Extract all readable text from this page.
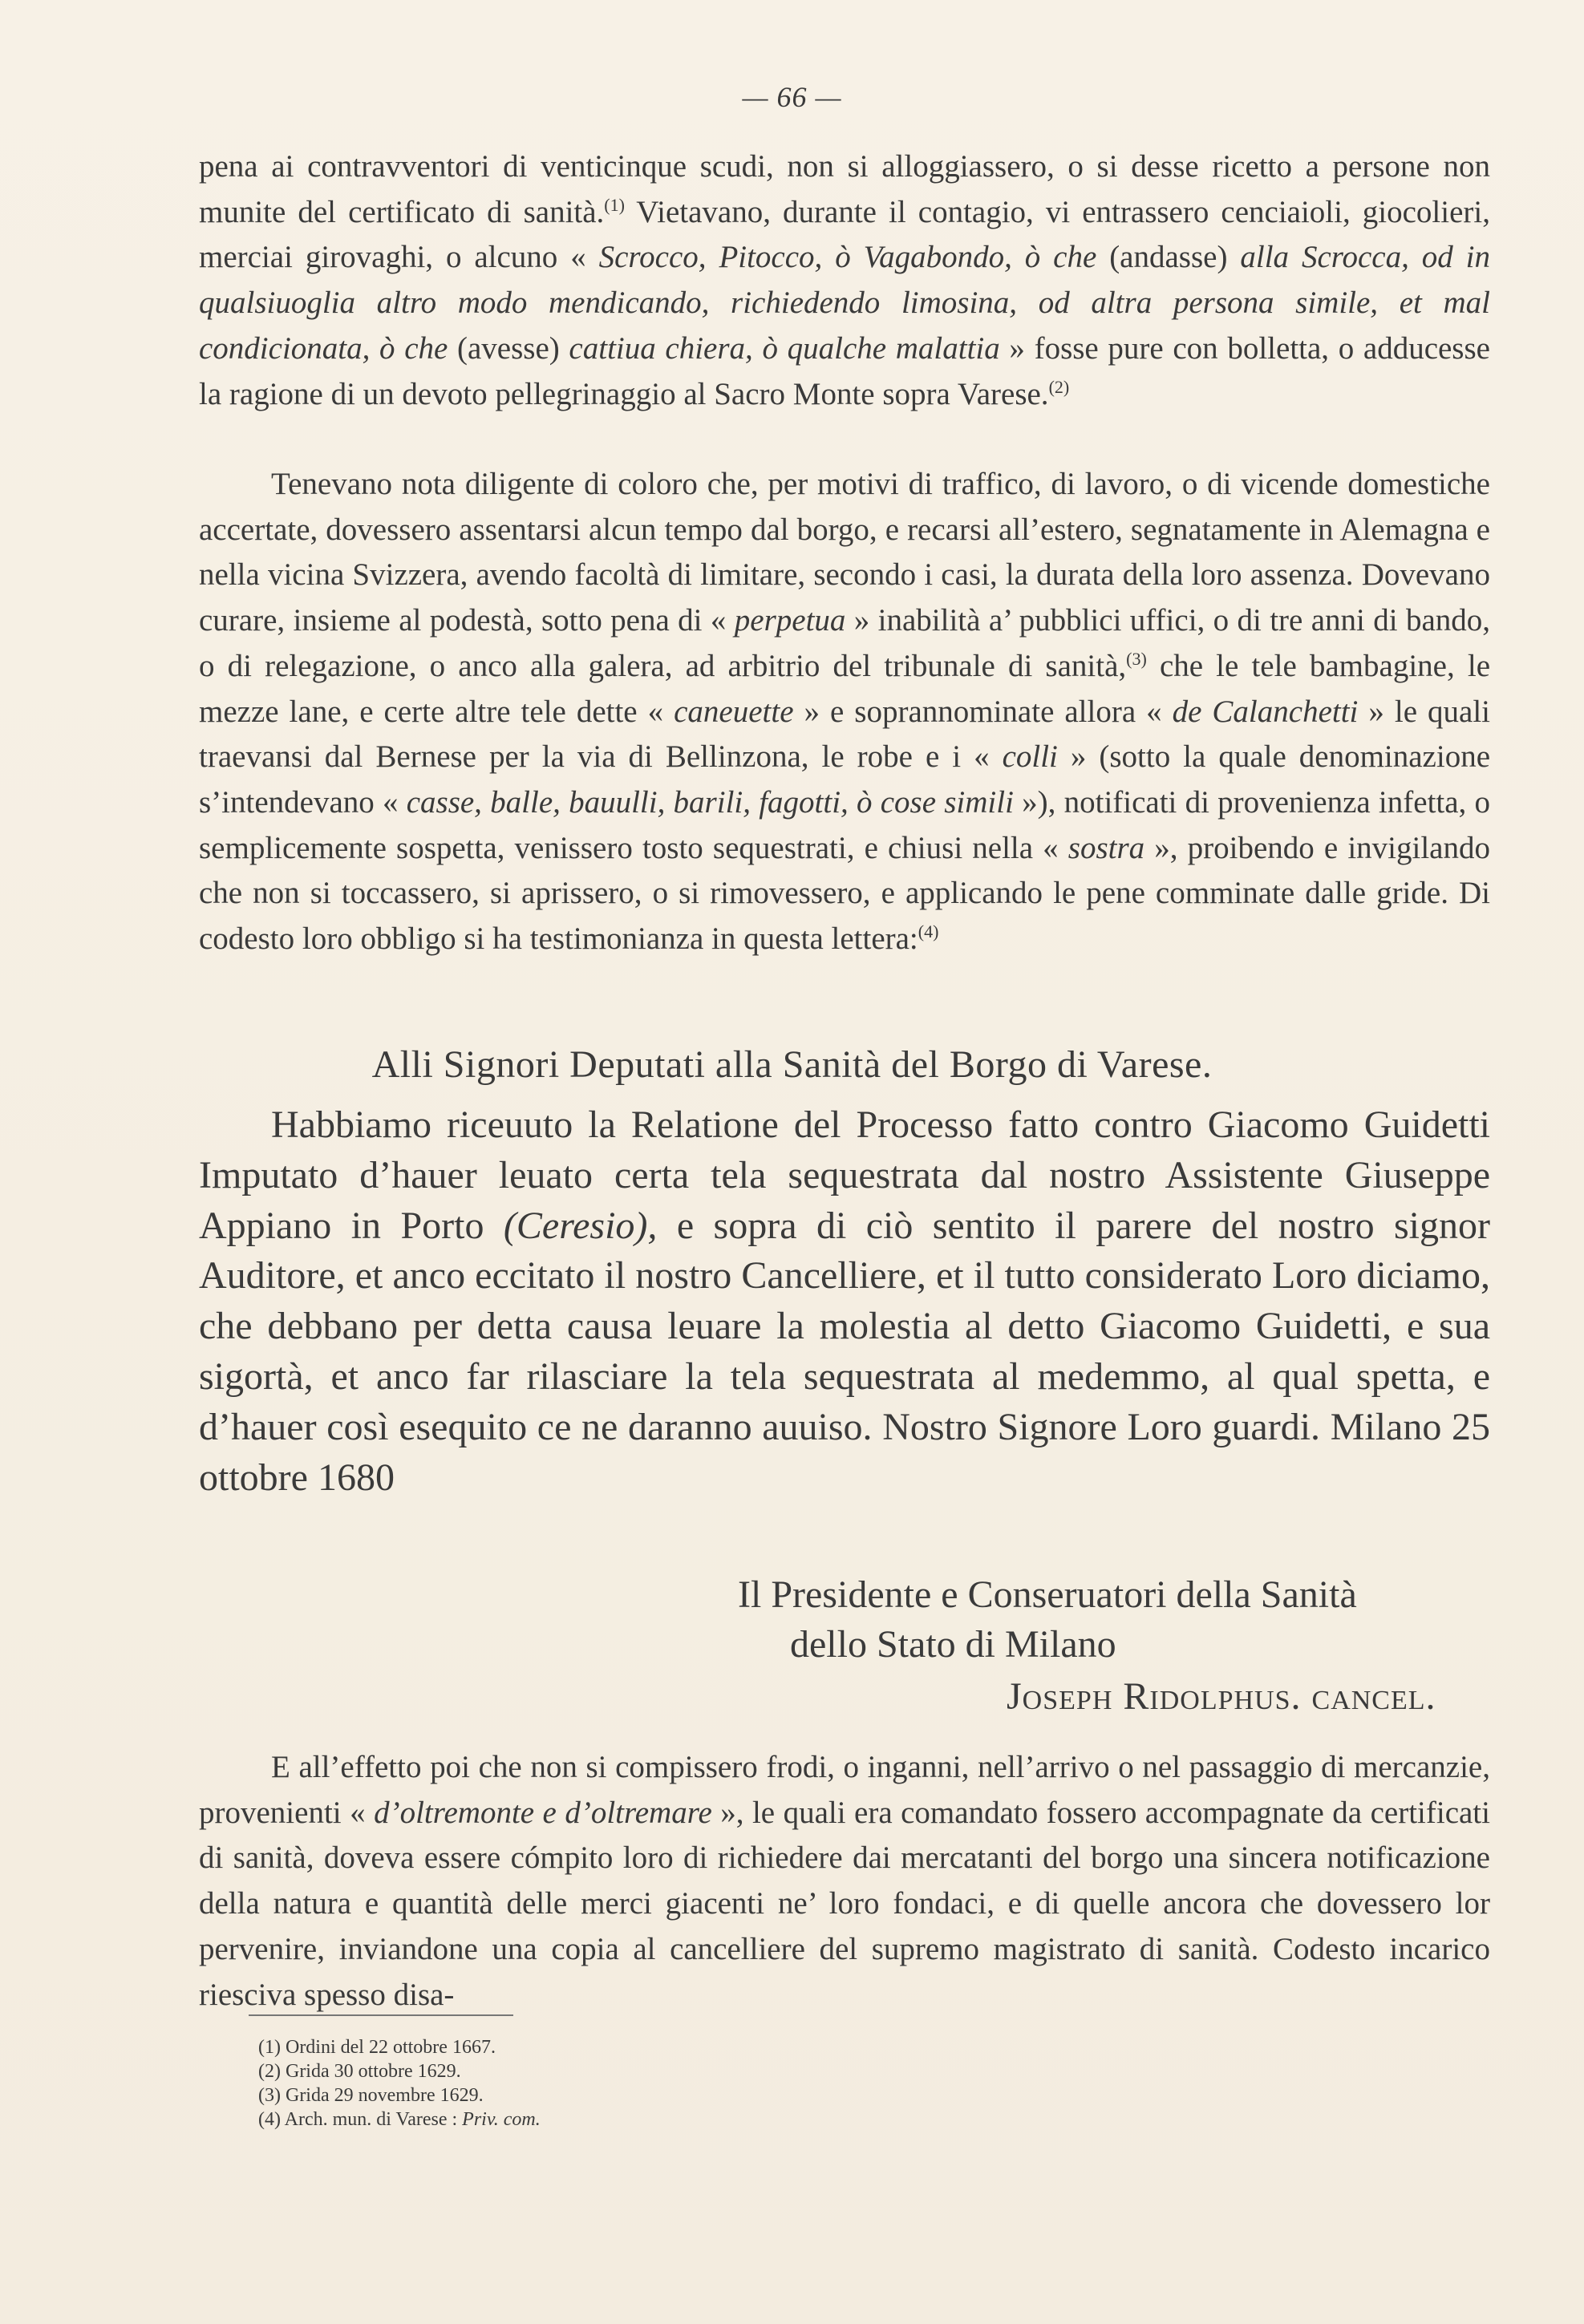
— 66 —

pena ai contravventori di venticinque scudi, non si alloggiassero, o si desse ricetto a persone non munite del certificato di sanità.$^{(1)}$ Vietavano, durante il contagio, vi entrassero cenciaioli, giocolieri, merciai girovaghi, o alcuno « Scrocco, Pitocco, ò Vagabondo, ò che (andasse) alla Scrocca, od in qualsiuoglia altro modo mendicando, richiedendo limosina, od altra persona simile, et mal condicionata, ò che (avesse) cattiua chiera, ò qualche malattia » fosse pure con bolletta, o adducesse la ragione di un devoto pellegrinaggio al Sacro Monte sopra Varese.$^{(2)}$

Tenevano nota diligente di coloro che, per motivi di traffico, di lavoro, o di vicende domestiche accertate, dovessero assentarsi alcun tempo dal borgo, e recarsi all’estero, segnatamente in Alemagna e nella vicina Svizzera, avendo facoltà di limitare, secondo i casi, la durata della loro assenza. Dovevano curare, insieme al podestà, sotto pena di « perpetua » inabilità a’ pubblici uffici, o di tre anni di bando, o di relegazione, o anco alla galera, ad arbitrio del tribunale di sanità,$^{(3)}$ che le tele bambagine, le mezze lane, e certe altre tele dette « caneuette » e soprannominate allora « de Calanchetti » le quali traevansi dal Bernese per la via di Bellinzona, le robe e i « colli » (sotto la quale denominazione s’intendevano « casse, balle, bauulli, barili, fagotti, ò cose simili »), notificati di provenienza infetta, o semplicemente sospetta, venissero tosto sequestrati, e chiusi nella « sostra », proibendo e invigilando che non si toccassero, si aprissero, o si rimovessero, e applicando le pene comminate dalle gride. Di codesto loro obbligo si ha testimonianza in questa lettera:$^{(4)}$

Alli Signori Deputati alla Sanità del Borgo di Varese.

Habbiamo riceuuto la Relatione del Processo fatto contro Giacomo Guidetti Imputato d’hauer leuato certa tela sequestrata dal nostro Assistente Giuseppe Appiano in Porto (Ceresio), e sopra di ciò sentito il parere del nostro signor Auditore, et anco eccitato il nostro Cancelliere, et il tutto considerato Loro diciamo, che debbano per detta causa leuare la molestia al detto Giacomo Guidetti, e sua sigortà, et anco far rilasciare la tela sequestrata al medemmo, al qual spetta, e d’hauer così esequito ce ne daranno auuiso. Nostro Signore Loro guardi. Milano 25 ottobre 1680

Il Presidente e Conseruatori della Sanità
dello Stato di Milano
Joseph Ridolphus. cancel.

E all’effetto poi che non si compissero frodi, o inganni, nell’arrivo o nel passaggio di mercanzie, provenienti « d’oltremonte e d’oltremare », le quali era comandato fossero accompagnate da certificati di sanità, doveva essere cómpito loro di richiedere dai mercatanti del borgo una sincera notificazione della natura e quantità delle merci giacenti ne’ loro fondaci, e di quelle ancora che dovessero lor pervenire, inviandone una copia al cancelliere del supremo magistrato di sanità. Codesto incarico riesciva spesso disa-

(1) Ordini del 22 ottobre 1667.
(2) Grida 30 ottobre 1629.
(3) Grida 29 novembre 1629.
(4) Arch. mun. di Varese : Priv. com.
